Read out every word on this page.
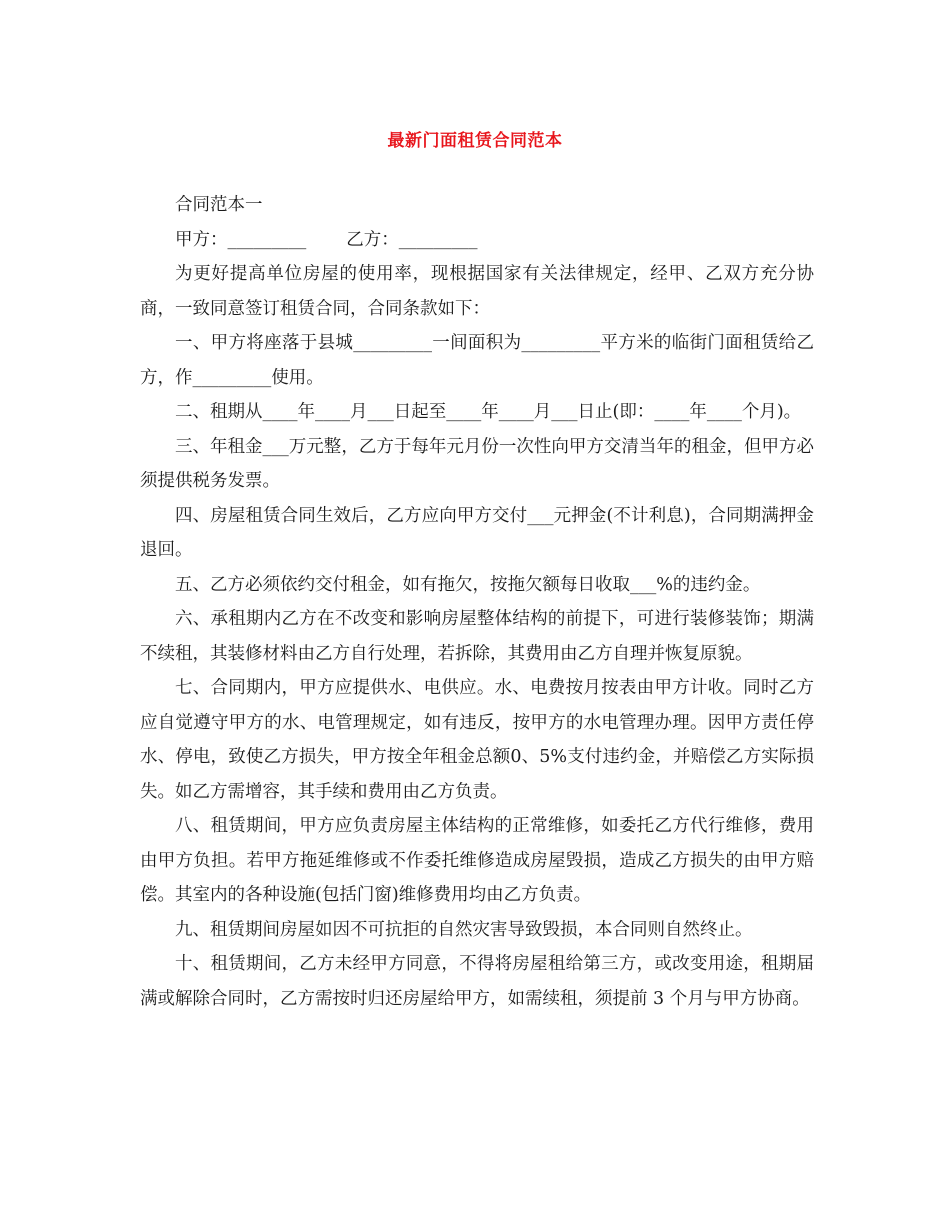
最新门面租赁合同范本

合同范本一

甲方：_________ 乙方：_________

为更好提高单位房屋的使用率，现根据国家有关法律规定，经甲、乙双方充分协商，一致同意签订租赁合同，合同条款如下：

一、甲方将座落于县城_________一间面积为_________平方米的临街门面租赁给乙方，作_________使用。

二、租期从____年____月___日起至____年____月___日止(即：____年____个月)。

三、年租金___万元整，乙方于每年元月份一次性向甲方交清当年的租金，但甲方必须提供税务发票。

四、房屋租赁合同生效后，乙方应向甲方交付___元押金(不计利息)，合同期满押金退回。

五、乙方必须依约交付租金，如有拖欠，按拖欠额每日收取___%的违约金。

六、承租期内乙方在不改变和影响房屋整体结构的前提下，可进行装修装饰；期满不续租，其装修材料由乙方自行处理，若拆除，其费用由乙方自理并恢复原貌。

七、合同期内，甲方应提供水、电供应。水、电费按月按表由甲方计收。同时乙方应自觉遵守甲方的水、电管理规定，如有违反，按甲方的水电管理办理。因甲方责任停水、停电，致使乙方损失，甲方按全年租金总额0、5%支付违约金，并赔偿乙方实际损失。如乙方需增容，其手续和费用由乙方负责。

八、租赁期间，甲方应负责房屋主体结构的正常维修，如委托乙方代行维修，费用由甲方负担。若甲方拖延维修或不作委托维修造成房屋毁损，造成乙方损失的由甲方赔偿。其室内的各种设施(包括门窗)维修费用均由乙方负责。

九、租赁期间房屋如因不可抗拒的自然灾害导致毁损，本合同则自然终止。

十、租赁期间，乙方未经甲方同意，不得将房屋租给第三方，或改变用途，租期届满或解除合同时，乙方需按时归还房屋给甲方，如需续租，须提前 3 个月与甲方协商。
